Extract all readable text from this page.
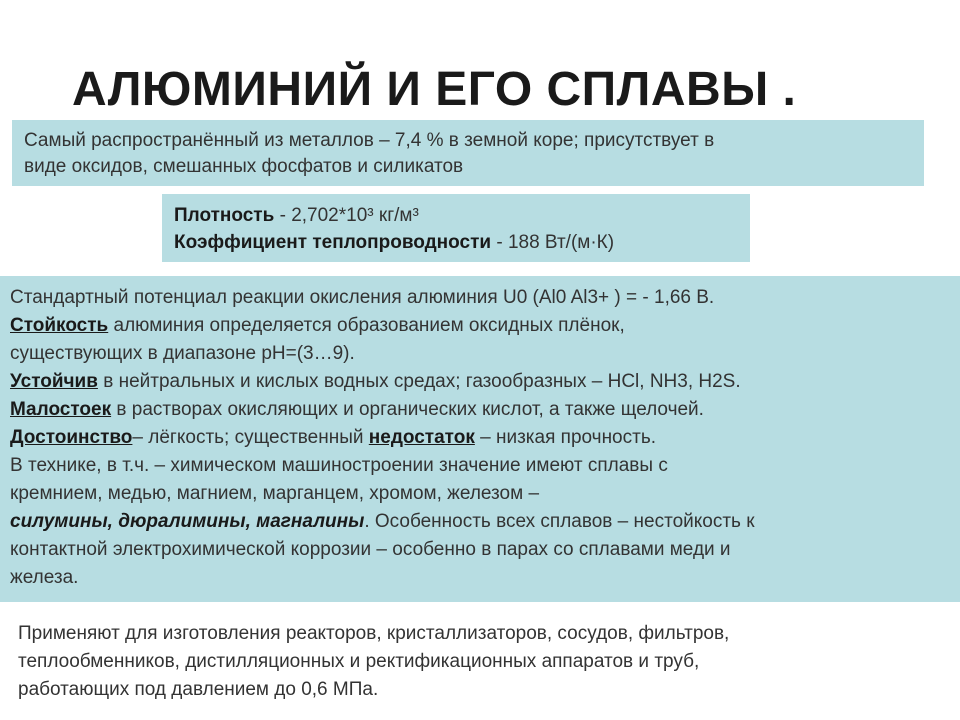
АЛЮМИНИЙ И ЕГО СПЛАВЫ .
Самый распространённый из металлов – 7,4 % в земной коре; присутствует в
виде оксидов, смешанных фосфатов и силикатов
Плотность - 2,702*10³ кг/м³
Коэффициент теплопроводности - 188 Вт/(м·К)
Стандартный потенциал реакции окисления алюминия U0 (Al0 Al3+ ) = - 1,66 В.
Стойкость алюминия определяется образованием оксидных плёнок,
существующих в диапазоне pH=(3…9).
Устойчив в нейтральных и кислых водных средах; газообразных – HCl, NH3, H2S.
Малостоек в растворах окисляющих и органических кислот, а также щелочей.
Достоинство– лёгкость; существенный недостаток – низкая прочность.
В технике, в т.ч. – химическом машиностроении значение имеют сплавы с
кремнием, медью, магнием, марганцем, хромом, железом –
силумины, дюралимины, магналины. Особенность всех сплавов – нестойкость к
контактной электрохимической коррозии – особенно в парах со сплавами меди и
железа.
Применяют для изготовления реакторов, кристаллизаторов, сосудов, фильтров,
теплообменников, дистилляционных и ректификационных аппаратов и труб,
работающих под давлением до 0,6 МПа.
